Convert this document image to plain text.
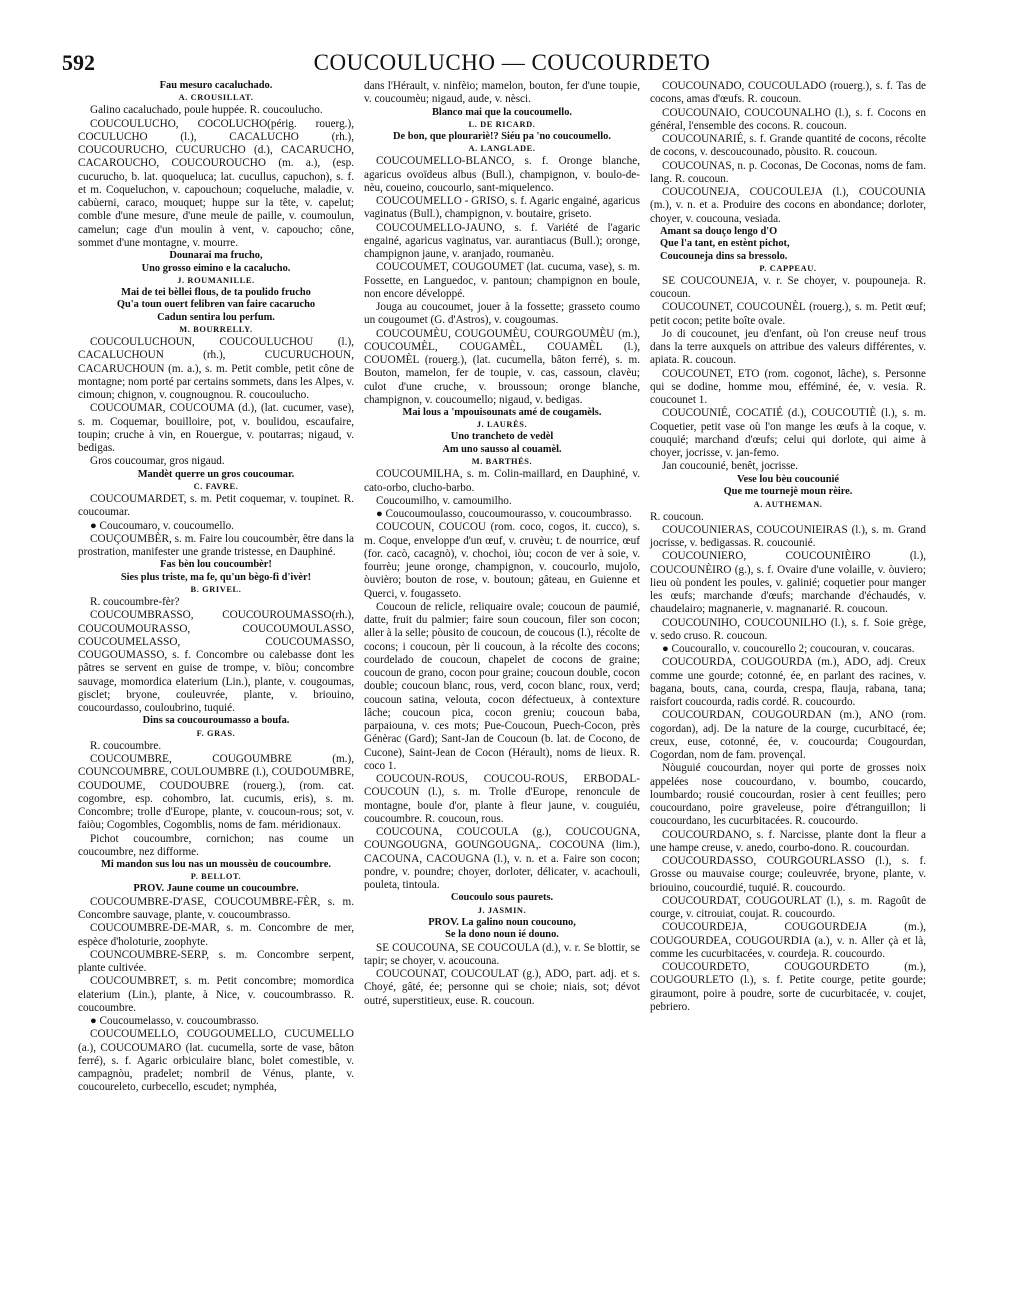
592	COUCOULUCHO — COUCOURDETO
Fau mesuro cacaluchado.
A. CROUSILLAT.
Galino cacaluchado, poule huppée. R. coucoulucho.
COUCOULUCHO, COCOLUCHO(périg. rouerg.), COCULUCHO (l.), CACALUCHO (rh.), COUCOURUCHO, CUCURUCHO (d.), CACARUCHO, CACAROUCHO, COUCOUROUCHO (m. a.), (esp. cucurucho, b. lat. quoqueluca; lat. cucullus, capuchon), s. f. et m. Coqueluchon, v. capouchoun; coqueluche, maladie, v. cabùerni, caraco, mouquet; huppe sur la tête, v. capelut; comble d'une mesure, d'une meule de paille, v. coumoulun, camelun; cage d'un moulin à vent, v. capoucho; cône, sommet d'une montagne, v. mourre.
Dounarai ma frucho,
Uno grosso eimino e la cacalucho.
J. ROUMANILLE.
Mai de tei bèllei flous, de ta poulido frucho
Qu'a toun ouert felibren van faire cacarucho
Cadun sentira lou perfum.
M. BOURRELLY.
COUCOULUCHOUN, COUCOULUCHOU (l.), CACALUCHOUN (rh.), CUCURUCHOUN, CACARUCHOUN (m. a.), s. m. Petit comble, petit cône de montagne; nom porté par certains sommets, dans les Alpes, v. cimoun; chignon, v. cougnougnou. R. coucoulucho.
COUCOUMAR, COUCOUMA (d.), (lat. cucumer, vase), s. m. Coquemar, bouilloire, pot, v. boulidou, escaufaire, toupin; cruche à vin, en Rouergue, v. poutarras; nigaud, v. bedigas.
Gros coucoumar, gros nigaud.
Mandèt querre un gros coucoumar.
C. FAVRE.
COUCOUMARDET, s. m. Petit coquemar, v. toupinet. R. coucoumar.
● Coucoumaro, v. coucoumello.
COUÇOUMBÈR, s. m. Faire lou coucoumbèr, être dans la prostration, manifester une grande tristesse, en Dauphiné.
Fas bèn lou coucoumbèr!
Sies plus triste, ma fe, qu'un bègo-fi d'ivèr!
B. GRIVEL.
R. coucoumbre-fèr?
COUCOUMBRASSO, COUCOUROUMASSO(rh.), COUCOUMOURASSO, COUCOUMOULASSO, COUCOUMELASSO, COUCOUMASSO, COUGOUMASSO, s. f. Concombre ou calebasse dont les pâtres se servent en guise de trompe, v. bïòu; concombre sauvage, momordica elaterium (Lin.), plante, v. cougoumas, gisclet; bryone, couleuvrée, plante, v. briouino, coucourdasso, couloubrino, tuquié.
Dins sa coucouroumasso a boufa.
F. GRAS.
R. coucoumbre.
COUCOUMBRE, COUGOUMBRE (m.), COUNCOUMBRE, COULOUMBRE (l.), COUDOUMBRE, COUDOUME, COUDOUBRE (rouerg.), (rom. cat. cogombre, esp. cohombro, lat. cucumis, eris), s. m. Concombre; trolle d'Europe, plante, v. coucoun-rous; sot, v. faiòu; Cogombles, Cogomblis, noms de fam. méridionaux.
Pichot coucoumbre, cornichon; nas coume un coucoumbre, nez difforme.
Mi mandon sus lou nas un moussèu de coucoumbre.
P. BELLOT.
PROV. Jaune coume un coucoumbre.
COUCOUMBRE-D'ASE, COUCOUMBRE-FÈR, s. m. Concombre sauvage, plante, v. coucoumbrasso.
COUCOUMBRE-DE-MAR, s. m. Concombre de mer, espèce d'holoturie, zoophyte.
COUNCOUMBRE-SERP, s. m. Concombre serpent, plante cultivée.
COUCOUMBRET, s. m. Petit concombre; momordica elaterium (Lin.), plante, à Nice, v. coucoumbrasso. R. coucoumbre.
● Coucoumelasso, v. coucoumbrasso.
COUCOUMELLO, COUGOUMELLO, CUCUMELLO (a.), COUCOUMARO (lat. cucumella, sorte de vase, bâton ferré), s. f. Agaric orbiculaire blanc, bolet comestible, v. campagnòu, pradelet; nombril de Vénus, plante, v. coucoureleto, curbecello, escudet; nymphéa,
dans l'Hérault, v. ninfèio; mamelon, bouton, fer d'une toupie, v. coucoumèu; nigaud, aude, v. nèsci.
Blanco mai que la coucoumello.
L. DE RICARD.
De bon, que plourariè!? Siéu pa 'no coucoumello.
A. LANGLADE.
COUCOUMELLO-BLANCO, s. f. Oronge blanche, agaricus ovoïdeus albus (Bull.), champignon, v. boulo-de-nèu, coueino, coucourlo, sant-miquelenco.
COUCOUMELLO - GRISO, s. f. Agaric engainé, agaricus vaginatus (Bull.), champignon, v. boutaire, griseto.
COUCOUMELLO-JAUNO, s. f. Variété de l'agaric engainé, agaricus vaginatus, var. aurantiacus (Bull.); oronge, champignon jaune, v. aranjado, roumanèu.
COUCOUMET, COUGOUMET (lat. cucuma, vase), s. m. Fossette, en Languedoc, v. pantoun; champignon en boule, non encore développé.
Jouga au coucoumet, jouer à la fossette; grasseto coumo un cougoumet (G. d'Astros), v. cougoumas.
COUCOUMÈU, COUGOUMÈU, COURGOUMÈU (m.), COUCOUMÈL, COUGAMÈL, COUAMÈL (l.), COUOMÈL (rouerg.), (lat. cucumella, bâton ferré), s. m. Bouton, mamelon, fer de toupie, v. cas, cassoun, clavèu; culot d'une cruche, v. broussoun; oronge blanche, champignon, v. coucoumello; nigaud, v. bedigas.
Mai lous a 'mpouisounats amé de cougamèls.
J. LAURÈS.
Uno trancheto de vedèl
Am uno sausso al couamèl.
M. BARTHÉS.
COUCOUMILHA, s. m. Colin-maillard, en Dauphiné, v. cato-orbo, clucho-barbo.
Coucoumilho, v. camoumilho.
● Coucoumoulasso, coucoumourasso, v. coucoumbrasso.
COUCOUN, COUCOU (rom. coco, cogos, it. cucco), s. m. Coque, enveloppe d'un œuf, v. cruvèu; t. de nourrice, œuf (for. cacò, cacagnò), v. chochoi, iòu; cocon de ver à soie, v. fourrèu; jeune oronge, champignon, v. coucourlo, mujolo, òuvièro; bouton de rose, v. boutoun; gâteau, en Guienne et Querci, v. fougasseto.
Coucoun de relicle, reliquaire ovale; coucoun de paumié, datte, fruit du palmier; faire soun coucoun, filer son cocon; aller à la selle; pòusito de coucoun, de coucous (l.), récolte de cocons; i coucoun, pèr li coucoun, à la récolte des cocons; courdelado de coucoun, chapelet de cocons de graine; coucoun de grano, cocon pour graine; coucoun double, cocon double; coucoun blanc, rous, verd, cocon blanc, roux, verd; coucoun satina, velouta, cocon défectueux, à contexture lâche; coucoun pica, cocon greniu; coucoun baba, parpaiouna, v. ces mots; Pue-Coucoun, Puech-Cocon, près Génèrac (Gard); Sant-Jan de Coucoun (b. lat. de Cocono, de Cucone), Saint-Jean de Cocon (Hérault), noms de lieux. R. coco 1.
COUCOUN-ROUS, COUCOU-ROUS, ERBODAL-COUCOUN (l.), s. m. Trolle d'Europe, renoncule de montagne, boule d'or, plante à fleur jaune, v. couguiéu, coucoumbre. R. coucoun, rous.
COUCOUNA, COUCOULA (g.), COUCOUGNA, COUNGOUGNA, GOUNGOUGNA,. COCOUNA (lim.), CACOUNA, CACOUGNA (l.), v. n. et a. Faire son cocon; pondre, v. poundre; choyer, dorloter, délicater, v. acachouli, pouleta, tintoula.
Coucoulo sous paurets.
J. JASMIN.
PROV. La galino noun coucouno,
Se la dono noun ié douno.
SE COUCOUNA, SE COUCOULA (d.), v. r. Se blottir, se tapir; se choyer, v. acoucouna.
COUCOUNAT, COUCOULAT (g.), ADO, part. adj. et s. Choyé, gâté, ée; personne qui se choie; niais, sot; dévot outré, superstitieux, euse. R. coucoun.
COUCOUNADO, COUCOULADO (rouerg.), s. f. Tas de cocons, amas d'œufs. R. coucoun.
COUCOUNAIO, COUCOUNALHO (l.), s. f. Cocons en général, l'ensemble des cocons. R. coucoun.
COUCOUNARIÉ, s. f. Grande quantité de cocons, récolte de cocons, v. descoucounado, pòusito. R. coucoun.
COUCOUNAS, n. p. Coconas, De Coconas, noms de fam. lang. R. coucoun.
COUCOUNEJA, COUCOULEJA (l.), COUCOUNIA (m.), v. n. et a. Produire des cocons en abondance; dorloter, choyer, v. coucouna, vesiada.
Amant sa douço lengo d'O
Que l'a tant, en estènt pichot,
Coucouneja dins sa bressolo.
P. CAPPEAU.
SE COUCOUNEJA, v. r. Se choyer, v. poupouneja. R. coucoun.
COUCOUNET, COUCOUNÈL (rouerg.), s. m. Petit œuf; petit cocon; petite boîte ovale.
Jo di coucounet, jeu d'enfant, où l'on creuse neuf trous dans la terre auxquels on attribue des valeurs différentes, v. apiata. R. coucoun.
COUCOUNET, ETO (rom. cogonot, lâche), s. Personne qui se dodine, homme mou, efféminé, ée, v. vesia. R. coucounet 1.
COUCOUNIÉ, COCATIÉ (d.), COUCOUTIÈ (l.), s. m. Coquetier, petit vase où l'on mange les œufs à la coque, v. couquié; marchand d'œufs; celui qui dorlote, qui aime à choyer, jocrisse, v. jan-femo.
Jan coucounié, benêt, jocrisse.
Vese lou bèu coucounié
Que me tournejè moun rèire.
A. AUTHEMAN.
R. coucoun.
COUCOUNIERAS, COUCOUNIEIRAS (l.), s. m. Grand jocrisse, v. bedigassas. R. coucounié.
COUCOUNIERO, COUCOUNIÈIRO (l.), COUCOUNÈIRO (g.), s. f. Ovaire d'une volaille, v. òuviero; lieu où pondent les poules, v. galinié; coquetier pour manger les œufs; marchande d'œufs; marchande d'échaudés, v. chaudelairo; magnanerie, v. magnanarié. R. coucoun.
COUCOUNIHO, COUCOUNILHO (l.), s. f. Soie grège, v. sedo cruso. R. coucoun.
● Coucourallo, v. coucourello 2; coucouran, v. coucaras.
COUCOURDA, COUGOURDA (m.), ADO, adj. Creux comme une gourde; cotonné, ée, en parlant des racines, v. bagana, bouts, cana, courda, crespa, flauja, rabana, tana; raisfort coucourda, radis cordé. R. coucourdo.
COUCOURDAN, COUGOURDAN (m.), ANO (rom. cogordan), adj. De la nature de la courge, cucurbitacé, ée; creux, euse, cotonné, ée, v. coucourda; Cougourdan, Cogordan, nom de fam. provençal.
Nòuguié coucourdan, noyer qui porte de grosses noix appelées nose coucourdano, v. boumbo, coucardo, loumbardo; rousié coucourdan, rosier à cent feuilles; pero coucourdano, poire graveleuse, poire d'étranguillon; li coucourdano, les cucurbitacées. R. coucourdo.
COUCOURDANO, s. f. Narcisse, plante dont la fleur a une hampe creuse, v. anedo, courbo-dono. R. coucourdan.
COUCOURDASSO, COURGOURLASSO (l.), s. f. Grosse ou mauvaise courge; couleuvrée, bryone, plante, v. briouino, coucourdié, tuquié. R. coucourdo.
COUCOURDAT, COUGOURLAT (l.), s. m. Ragoût de courge, v. citrouiat, coujat. R. coucourdo.
COUCOURDEJA, COUGOURDEJA (m.), COUGOURDEA, COUGOURDIA (a.), v. n. Aller çà et là, comme les cucurbitacées, v. courdeja. R. coucourdo.
COUCOURDETO, COUGOURDETO (m.), COUGOURLETO (l.), s. f. Petite courge, petite gourde; giraumont, poire à poudre, sorte de cucurbitacée, v. coujet, pebriero.
